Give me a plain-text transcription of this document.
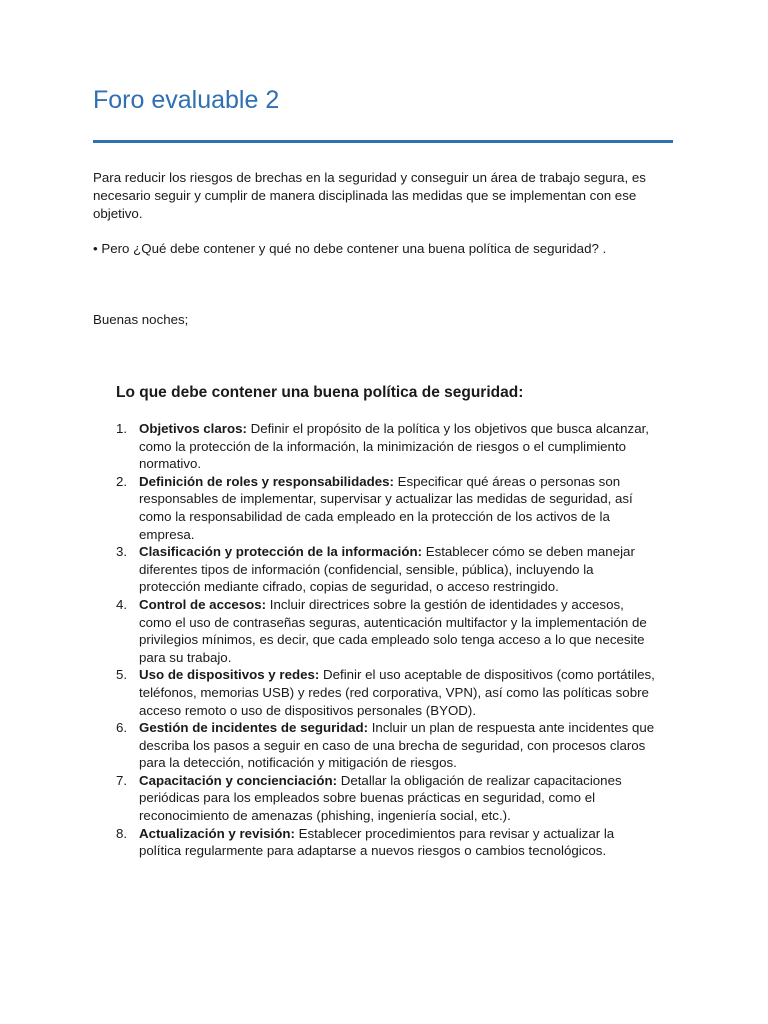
Foro evaluable 2

Para reducir los riesgos de brechas en la seguridad y conseguir un área de trabajo segura, es necesario seguir y cumplir de manera disciplinada las medidas que se implementan con ese objetivo.

• Pero ¿Qué debe contener y qué no debe contener una buena política de seguridad? .

Buenas noches;

Lo que debe contener una buena política de seguridad:
1. Objetivos claros: Definir el propósito de la política y los objetivos que busca alcanzar, como la protección de la información, la minimización de riesgos o el cumplimiento normativo.
2. Definición de roles y responsabilidades: Especificar qué áreas o personas son responsables de implementar, supervisar y actualizar las medidas de seguridad, así como la responsabilidad de cada empleado en la protección de los activos de la empresa.
3. Clasificación y protección de la información: Establecer cómo se deben manejar diferentes tipos de información (confidencial, sensible, pública), incluyendo la protección mediante cifrado, copias de seguridad, o acceso restringido.
4. Control de accesos: Incluir directrices sobre la gestión de identidades y accesos, como el uso de contraseñas seguras, autenticación multifactor y la implementación de privilegios mínimos, es decir, que cada empleado solo tenga acceso a lo que necesite para su trabajo.
5. Uso de dispositivos y redes: Definir el uso aceptable de dispositivos (como portátiles, teléfonos, memorias USB) y redes (red corporativa, VPN), así como las políticas sobre acceso remoto o uso de dispositivos personales (BYOD).
6. Gestión de incidentes de seguridad: Incluir un plan de respuesta ante incidentes que describa los pasos a seguir en caso de una brecha de seguridad, con procesos claros para la detección, notificación y mitigación de riesgos.
7. Capacitación y concienciación: Detallar la obligación de realizar capacitaciones periódicas para los empleados sobre buenas prácticas en seguridad, como el reconocimiento de amenazas (phishing, ingeniería social, etc.).
8. Actualización y revisión: Establecer procedimientos para revisar y actualizar la política regularmente para adaptarse a nuevos riesgos o cambios tecnológicos.
